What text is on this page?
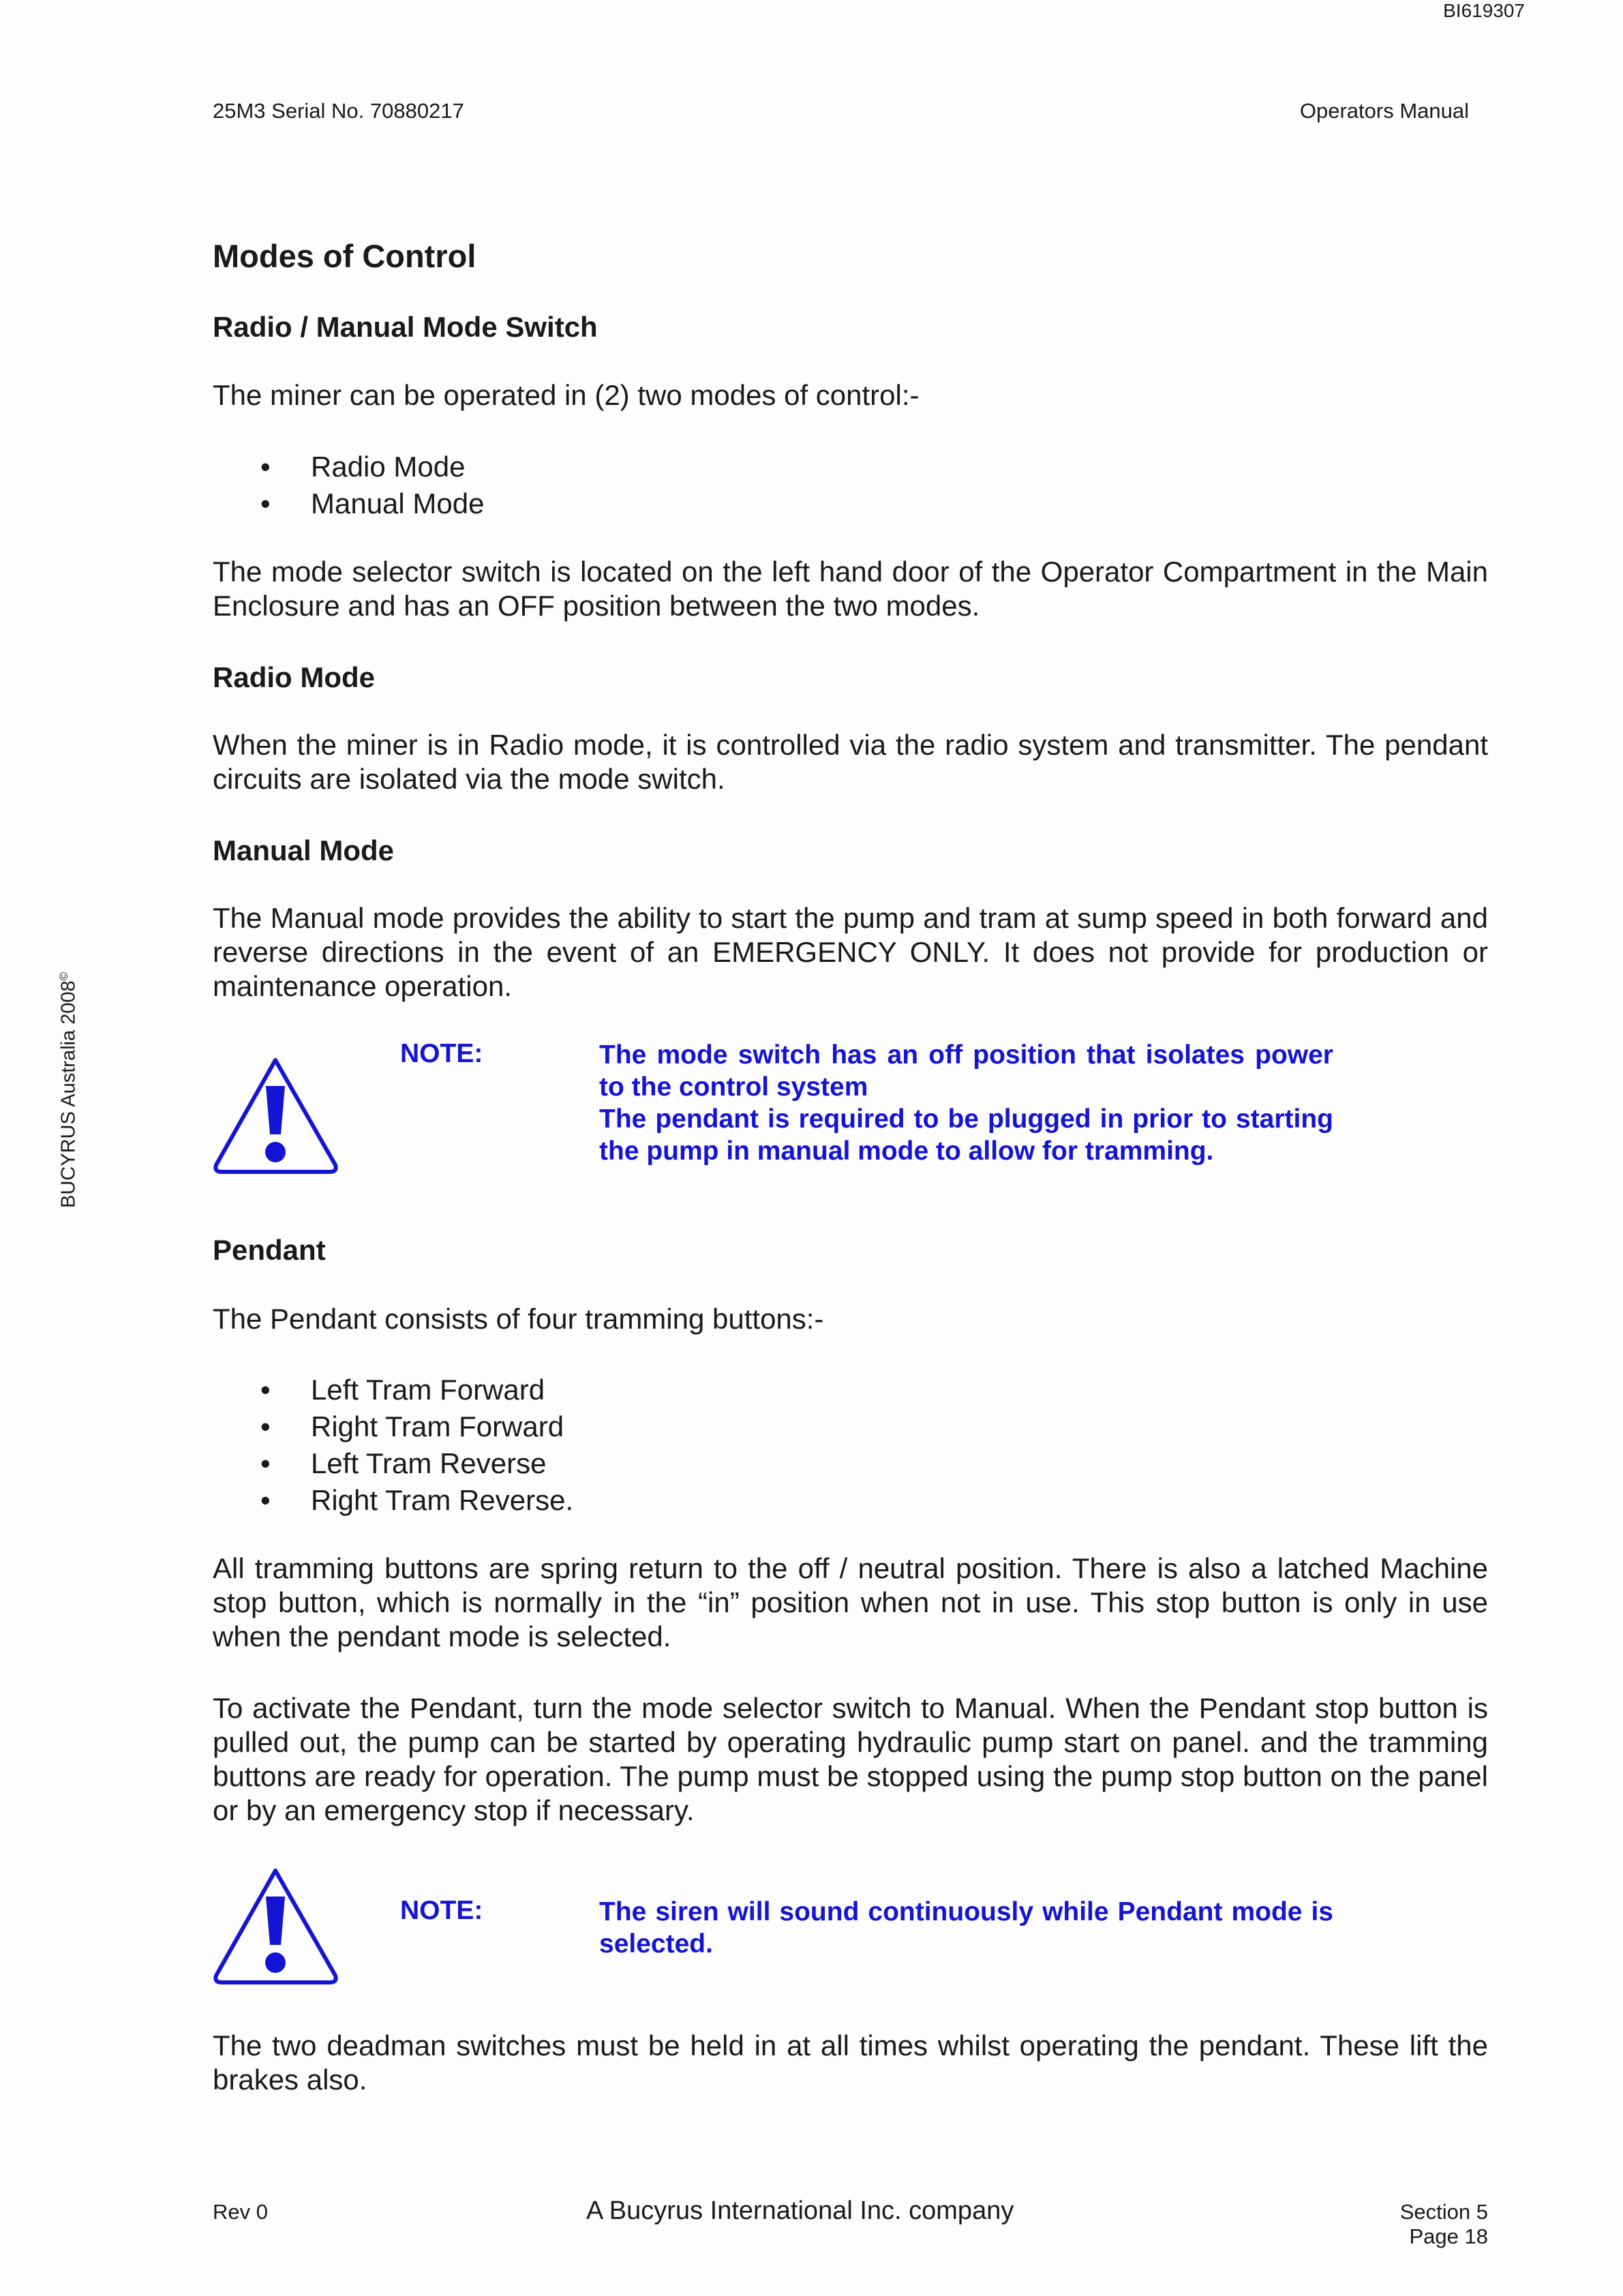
BI619307
25M3 Serial No. 70880217	Operators Manual
BUCYRUS Australia 2008©
Modes of Control
Radio / Manual Mode Switch
The miner can be operated in (2) two modes of control:-
• Radio Mode
• Manual Mode
The mode selector switch is located on the left hand door of the Operator Compartment in the Main Enclosure and has an OFF position between the two modes.
Radio Mode
When the miner is in Radio mode, it is controlled via the radio system and transmitter. The pendant circuits are isolated via the mode switch.
Manual Mode
The Manual mode provides the ability to start the pump and tram at sump speed in both forward and reverse directions in the event of an EMERGENCY ONLY. It does not provide for production or maintenance operation.
NOTE:	The mode switch has an off position that isolates power to the control system
The pendant is required to be plugged in prior to starting the pump in manual mode to allow for tramming.
Pendant
The Pendant consists of four tramming buttons:-
• Left Tram Forward
• Right Tram Forward
• Left Tram Reverse
• Right Tram Reverse.
All tramming buttons are spring return to the off / neutral position. There is also a latched Machine stop button, which is normally in the “in” position when not in use. This stop button is only in use when the pendant mode is selected.
To activate the Pendant, turn the mode selector switch to Manual. When the Pendant stop button is pulled out, the pump can be started by operating hydraulic pump start on panel. and the tramming buttons are ready for operation. The pump must be stopped using the pump stop button on the panel or by an emergency stop if necessary.
NOTE:	The siren will sound continuously while Pendant mode is selected.
The two deadman switches must be held in at all times whilst operating the pendant. These lift the brakes also.
Rev 0	A Bucyrus International Inc. company	Section 5
Page 18
